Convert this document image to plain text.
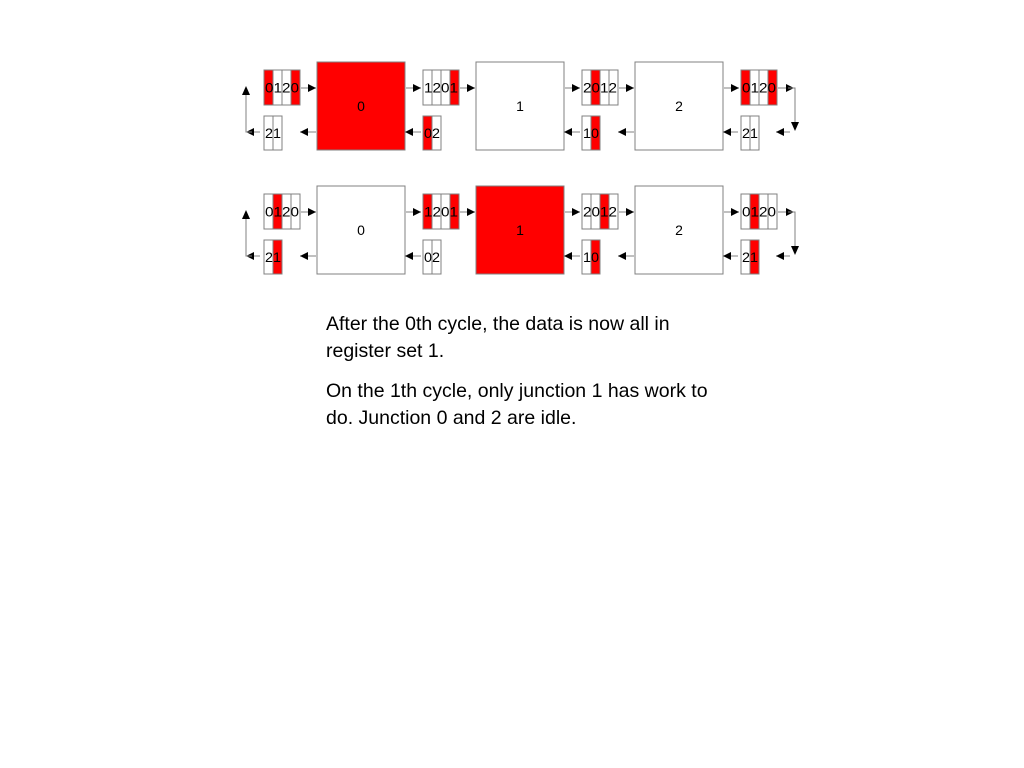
0	1	2
0120	1201	2012	0120
21	02	10	21
0	1	2
0120	1201	2012	0120
21	02	10	21
After the 0th cycle, the data is now all in register set 1.
On the 1th cycle, only junction 1 has work to do. Junction 0 and 2 are idle.
